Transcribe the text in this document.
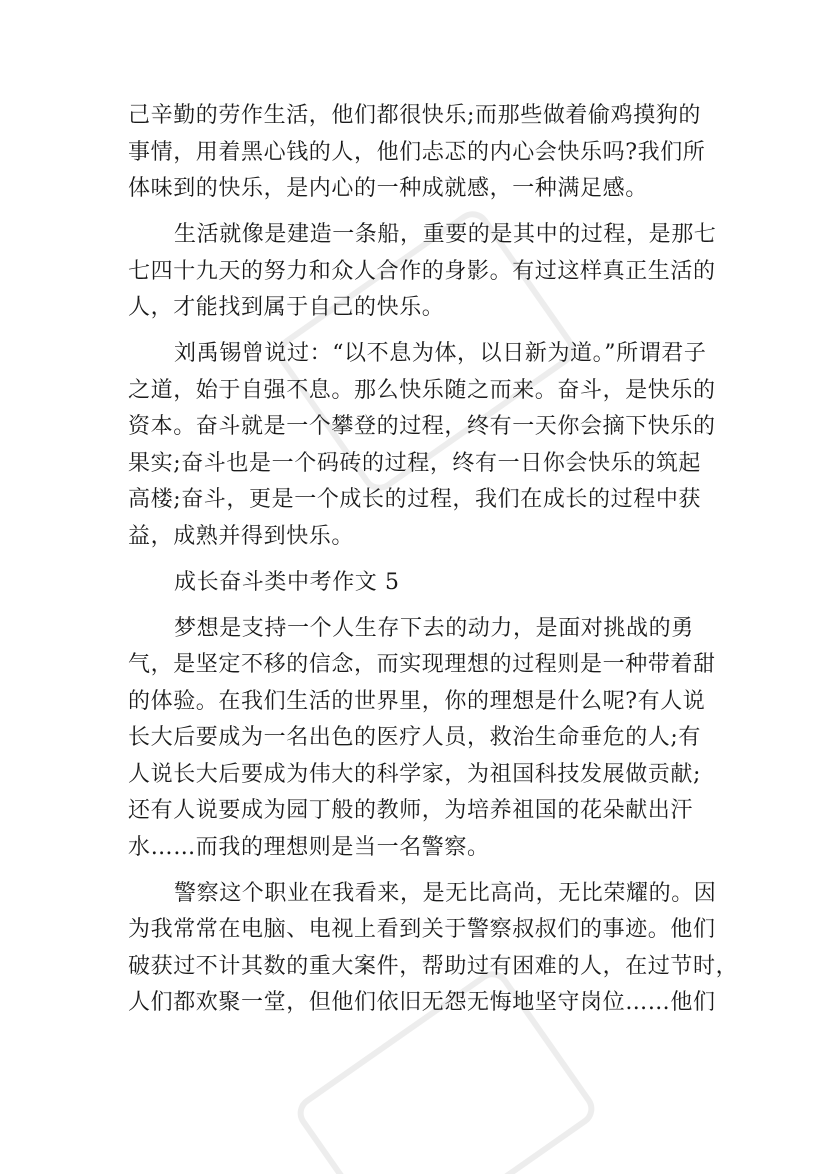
己辛勤的劳作生活，他们都很快乐;而那些做着偷鸡摸狗的
事情，用着黑心钱的人，他们忐忑的内心会快乐吗?我们所
体味到的快乐，是内心的一种成就感，一种满足感。
生活就像是建造一条船，重要的是其中的过程，是那七
七四十九天的努力和众人合作的身影。有过这样真正生活的
人，才能找到属于自己的快乐。
刘禹锡曾说过：“以不息为体，以日新为道。”所谓君子
之道，始于自强不息。那么快乐随之而来。奋斗，是快乐的
资本。奋斗就是一个攀登的过程，终有一天你会摘下快乐的
果实;奋斗也是一个码砖的过程，终有一日你会快乐的筑起
高楼;奋斗，更是一个成长的过程，我们在成长的过程中获
益，成熟并得到快乐。
成长奋斗类中考作文 5
梦想是支持一个人生存下去的动力，是面对挑战的勇
气，是坚定不移的信念，而实现理想的过程则是一种带着甜
的体验。在我们生活的世界里，你的理想是什么呢?有人说
长大后要成为一名出色的医疗人员，救治生命垂危的人;有
人说长大后要成为伟大的科学家，为祖国科技发展做贡献;
还有人说要成为园丁般的教师，为培养祖国的花朵献出汗
水……而我的理想则是当一名警察。
警察这个职业在我看来，是无比高尚，无比荣耀的。因
为我常常在电脑、电视上看到关于警察叔叔们的事迹。他们
破获过不计其数的重大案件，帮助过有困难的人，在过节时，
人们都欢聚一堂，但他们依旧无怨无悔地坚守岗位……他们
